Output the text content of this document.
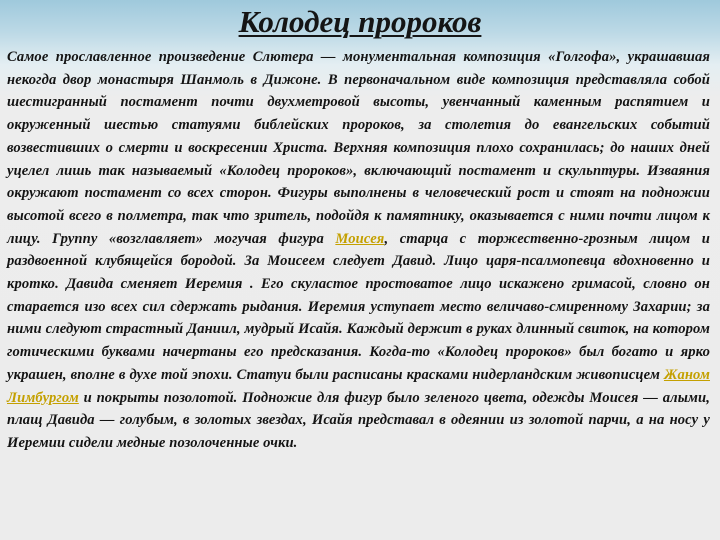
Колодец пророков

Самое прославленное произведение Слютера — монументальная композиция «Голгофа», украшавшая некогда двор монастыря Шанмоль в Дижоне. В первоначальном виде композиция представляла собой шестигранный постамент почти двухметровой высоты, увенчанный каменным распятием и окруженный шестью статуями библейских пророков, за столетия до евангельских событий возвестивших о смерти и воскресении Христа. Верхняя композиция плохо сохранилась; до наших дней уцелел лишь так называемый «Колодец пророков», включающий постамент и скульптуры. Изваяния окружают постамент со всех сторон. Фигуры выполнены в человеческий рост и стоят на подножии высотой всего в полметра, так что зритель, подойдя к памятнику, оказывается с ними почти лицом к лицу. Группу «возглавляет» могучая фигура Моисея, старца с торжественно-грозным лицом и раздвоенной клубящейся бородой. За Моисеем следует Давид. Лицо царя-псалмопевца вдохновенно и кротко. Давида сменяет Иеремия . Его скуластое простоватое лицо искажено гримасой, словно он старается изо всех сил сдержать рыдания. Иеремия уступает место величаво-смиренному Захарии; за ними следуют страстный Даниил, мудрый Исайя. Каждый держит в руках длинный свиток, на котором готическими буквами начертаны его предсказания. Когда-то «Колодец пророков» был богато и ярко украшен, вполне в духе той эпохи. Статуи были расписаны красками нидерландским живописцем Жаном Лимбургом и покрыты позолотой. Подножие для фигур было зеленого цвета, одежды Моисея — алыми, плащ Давида — голубым, в золотых звездах, Исайя представал в одеянии из золотой парчи, а на носу у Иеремии сидели медные позолоченные очки.
